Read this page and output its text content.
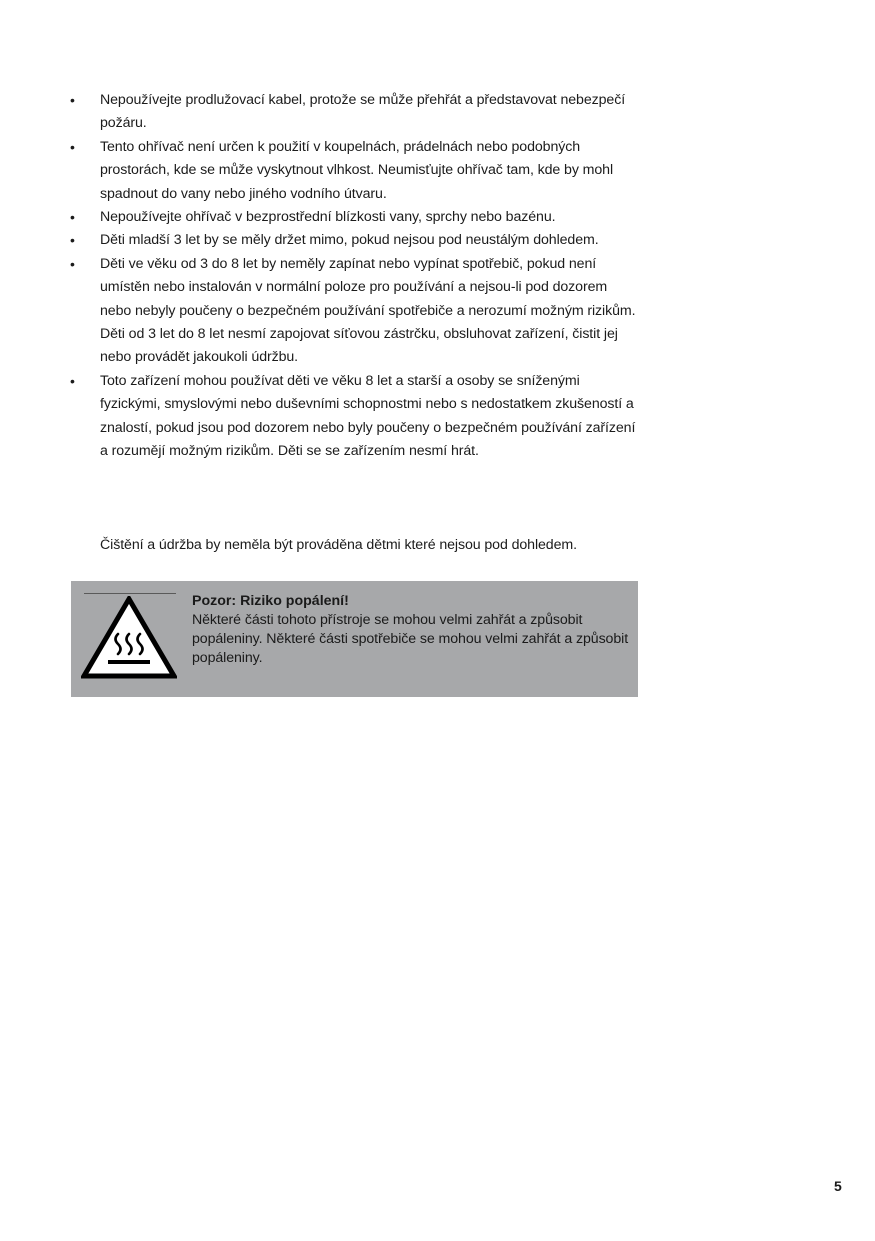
•	Nepoužívejte prodlužovací kabel, protože se může přehřát a představovat nebezpečí požáru.
•	Tento ohřívač není určen k použití v koupelnách, prádelnách nebo podobných prostorách, kde se může vyskytnout vlhkost. Neumisťujte ohřívač tam, kde by mohl spadnout do vany nebo jiného vodního útvaru.
•	Nepoužívejte ohřívač v bezprostřední blízkosti vany, sprchy nebo bazénu.
•	Děti mladší 3 let by se měly držet mimo, pokud nejsou pod neustálým dohledem.
•	Děti ve věku od 3 do 8 let by neměly zapínat nebo vypínat spotřebič, pokud není umístěn nebo instalován v normální poloze pro používání a nejsou-li pod dozorem nebo nebyly poučeny o bezpečném používání spotřebiče a nerozumí možným rizikům. Děti od 3 let do 8 let nesmí zapojovat síťovou zástrčku, obsluhovat zařízení, čistit jej nebo provádět jakoukoli údržbu.
•	Toto zařízení mohou používat děti ve věku 8 let a starší a osoby se sníženými fyzickými, smyslovými nebo duševními schopnostmi nebo s nedostatkem zkušeností a znalostí, pokud jsou pod dozorem nebo byly poučeny o bezpečném používání zařízení a rozumějí možným rizikům. Děti se se zařízením nesmí hrát.

Čištění a údržba by neměla být prováděna dětmi které nejsou pod dohledem.

Pozor: Riziko popálení!

Některé části tohoto přístroje se mohou velmi zahřát a způsobit popáleniny. Některé části spotřebiče se mohou velmi zahřát a způsobit popáleniny.

5
